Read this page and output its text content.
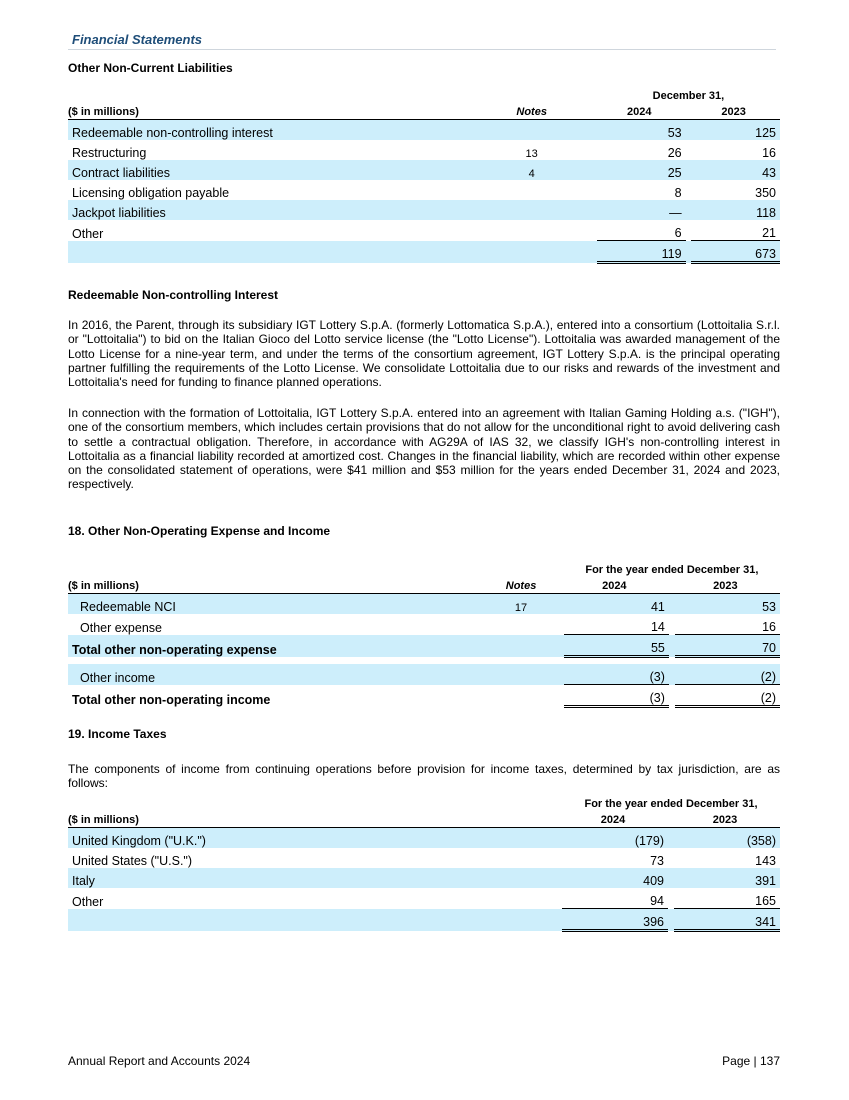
Financial Statements
Other Non-Current Liabilities
			December 31,		
($ in millions)	Notes		2024		2023
Redeemable non-controlling interest			53		125
Restructuring	13		26		16
Contract liabilities	4		25		43
Licensing obligation payable			8		350
Jackpot liabilities			—		118
Other			6		21
			119		673
Redeemable Non-controlling Interest

In 2016, the Parent, through its subsidiary IGT Lottery S.p.A. (formerly Lottomatica S.p.A.), entered into a consortium (Lottoitalia S.r.l. or "Lottoitalia") to bid on the Italian Gioco del Lotto service license (the "Lotto License"). Lottoitalia was awarded management of the Lotto License for a nine-year term, and under the terms of the consortium agreement, IGT Lottery S.p.A. is the principal operating partner fulfilling the requirements of the Lotto License. We consolidate Lottoitalia due to our risks and rewards of the investment and Lottoitalia's need for funding to finance planned operations.

In connection with the formation of Lottoitalia, IGT Lottery S.p.A. entered into an agreement with Italian Gaming Holding a.s. ("IGH"), one of the consortium members, which includes certain provisions that do not allow for the unconditional right to avoid delivering cash to settle a contractual obligation. Therefore, in accordance with AG29A of IAS 32, we classify IGH's non-controlling interest in Lottoitalia as a financial liability recorded at amortized cost. Changes in the financial liability, which are recorded within other expense on the consolidated statement of operations, were $41 million and $53 million for the years ended December 31, 2024 and 2023, respectively.

18. Other Non-Operating Expense and Income
			For the year ended December 31,		
($ in millions)	Notes		2024		2023
Redeemable NCI	17		41		53
Other expense			14		16
Total other non-operating expense			55		70

Other income			(3)		(2)
Total other non-operating income			(3)		(2)
19. Income Taxes

The components of income from continuing operations before provision for income taxes, determined by tax jurisdiction, are as follows:

			For the year ended December 31,		
($ in millions)			2024		2023
United Kingdom ("U.K.")			(179)		(358)
United States ("U.S.")			73		143
Italy			409		391
Other			94		165
			396		341
Annual Report and Accounts 2024	Page | 137
